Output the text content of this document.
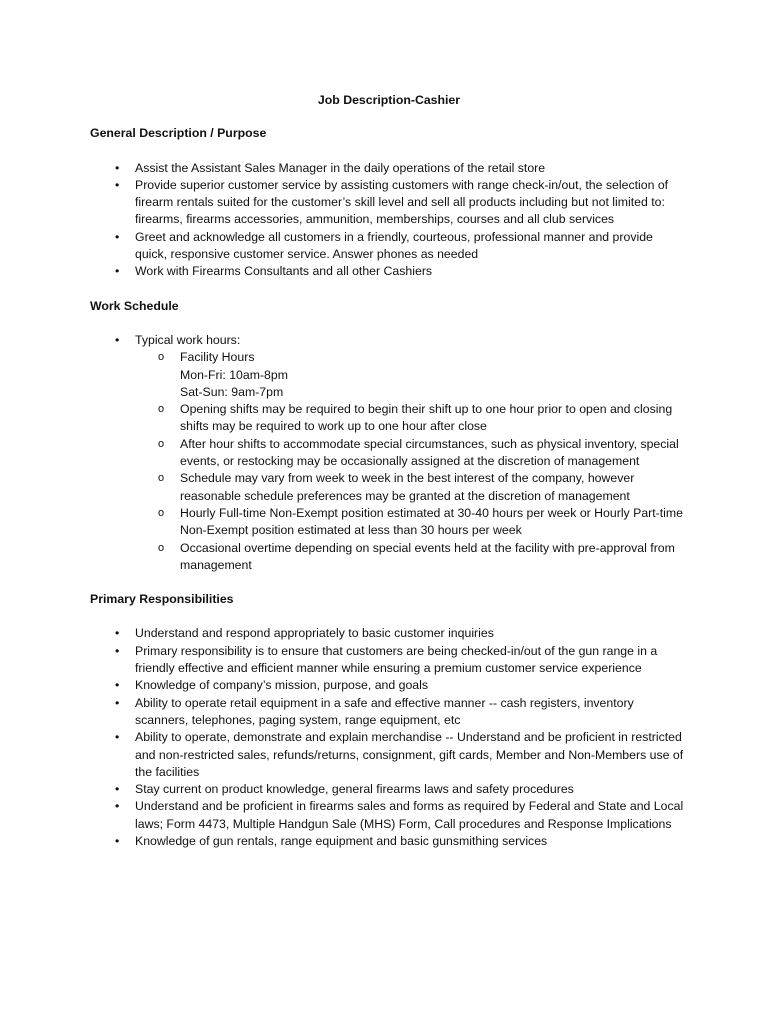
Job Description-Cashier
General Description / Purpose
• Assist the Assistant Sales Manager in the daily operations of the retail store
• Provide superior customer service by assisting customers with range check-in/out, the selection of firearm rentals suited for the customer’s skill level and sell all products including but not limited to: firearms, firearms accessories, ammunition, memberships, courses and all club services
• Greet and acknowledge all customers in a friendly, courteous, professional manner and provide quick, responsive customer service. Answer phones as needed
• Work with Firearms Consultants and all other Cashiers
Work Schedule
• Typical work hours:
o Facility Hours
Mon-Fri: 10am-8pm
Sat-Sun: 9am-7pm
o Opening shifts may be required to begin their shift up to one hour prior to open and closing shifts may be required to work up to one hour after close
o After hour shifts to accommodate special circumstances, such as physical inventory, special events, or restocking may be occasionally assigned at the discretion of management
o Schedule may vary from week to week in the best interest of the company, however reasonable schedule preferences may be granted at the discretion of management
o Hourly Full-time Non-Exempt position estimated at 30-40 hours per week or Hourly Part-time Non-Exempt position estimated at less than 30 hours per week
o Occasional overtime depending on special events held at the facility with pre-approval from management
Primary Responsibilities
• Understand and respond appropriately to basic customer inquiries
• Primary responsibility is to ensure that customers are being checked-in/out of the gun range in a friendly effective and efficient manner while ensuring a premium customer service experience
• Knowledge of company’s mission, purpose, and goals
• Ability to operate retail equipment in a safe and effective manner -- cash registers, inventory scanners, telephones, paging system, range equipment, etc
• Ability to operate, demonstrate and explain merchandise -- Understand and be proficient in restricted and non-restricted sales, refunds/returns, consignment, gift cards, Member and Non-Members use of the facilities
• Stay current on product knowledge, general firearms laws and safety procedures
• Understand and be proficient in firearms sales and forms as required by Federal and State and Local laws; Form 4473, Multiple Handgun Sale (MHS) Form, Call procedures and Response Implications
• Knowledge of gun rentals, range equipment and basic gunsmithing services
